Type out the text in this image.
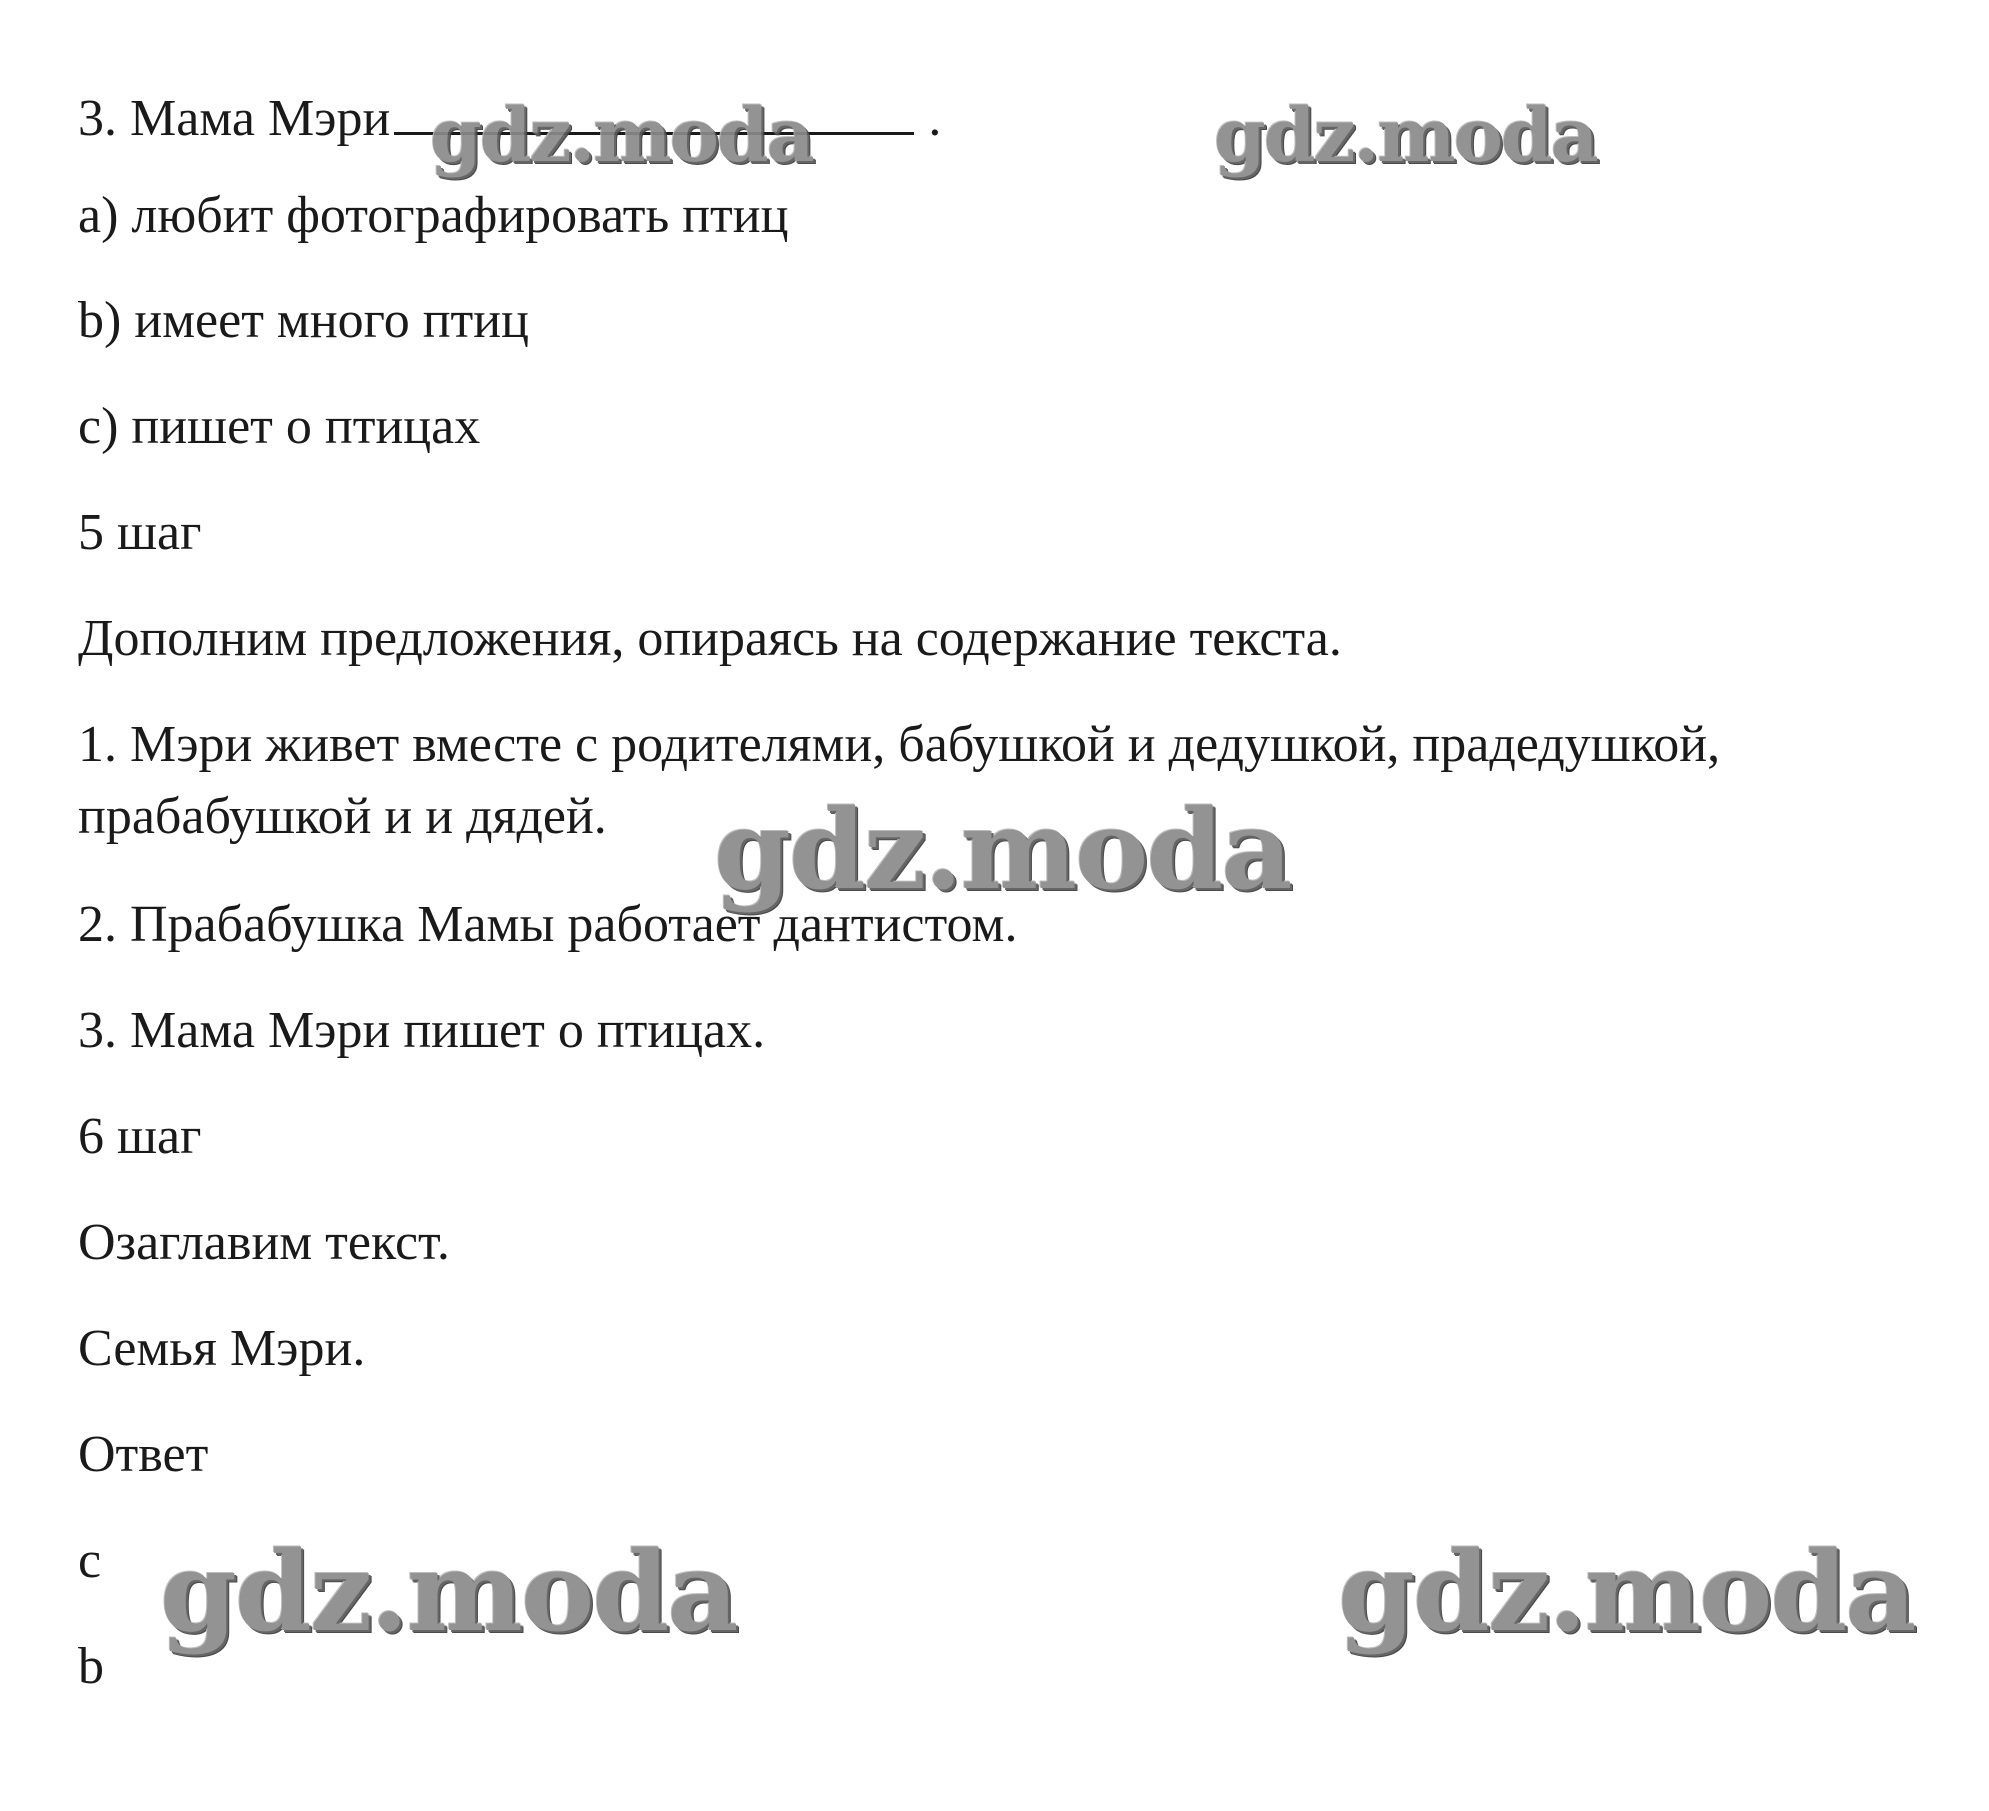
3. Мама Мэри	.
a) любит фотографировать птиц
b) имеет много птиц
c) пишет о птицах
5 шаг
Дополним предложения, опираясь на содержание текста.
1. Мэри живет вместе с родителями, бабушкой и дедушкой, прадедушкой, прабабушкой и и дядей.
2. Прабабушка Мамы работает дантистом.
3. Мама Мэри пишет о птицах.
6 шаг
Озаглавим текст.
Семья Мэри.
Ответ
c
b
gdz.moda	gdz.moda
gdz.moda
gdz.moda	gdz.moda
